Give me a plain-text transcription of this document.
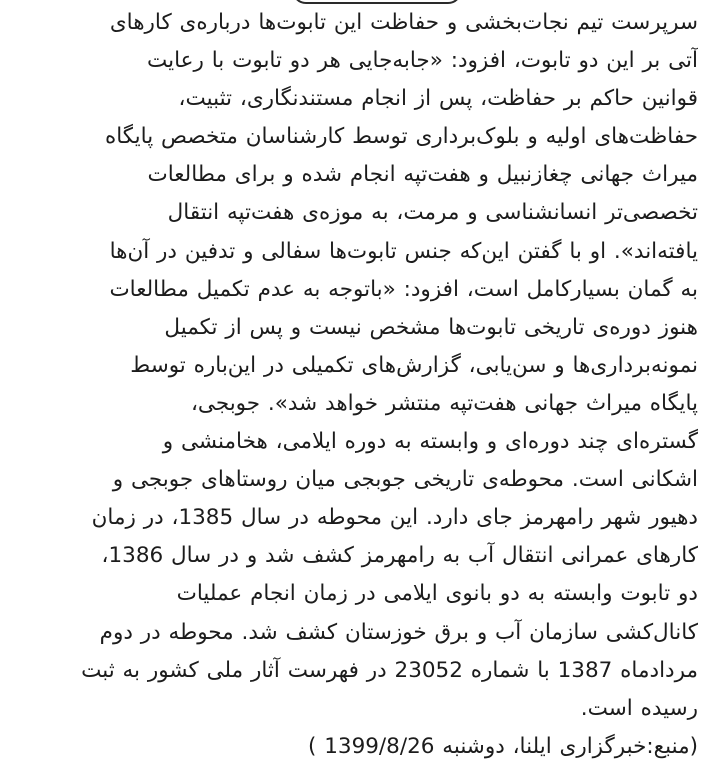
سرپرست تیم نجات‌بخشی و حفاظت این تابوت‌ها درباره‌ی کارهای
آتی بر این دو تابوت، افزود: «جابه‌جایی هر دو تابوت با رعایت
قوانین حاکم بر حفاظت، پس از انجام مستندنگاری، تثبیت،
حفاظت‌های اولیه و بلوک‌برداری توسط کارشناسان متخصص پایگاه
میراث جهانی چغازنبیل و هفت‌تپه انجام شده و برای مطالعات
تخصصی‌تر انسانشناسی و مرمت، به موزه‌ی هفت‌تپه انتقال
یافته‌اند». او با گفتن این‌که جنس تابوت‌ها سفالی و تدفین در آن‌ها
به گمان بسیارکامل است، افزود: «باتوجه به عدم تکمیل مطالعات
هنوز دوره‌ی تاریخی تابوت‌ها مشخص نیست و پس از تکمیل
نمونه‌برداری‌ها و سن‌یابی، گزارش‌های تکمیلی در این‌باره توسط
پایگاه میراث جهانی هفت‌تپه منتشر خواهد شد». جوبجی،
گستره‌ای چند دوره‌ای و وابسته به دوره ایلامی، هخامنشی و
اشکانی است. محوطه‌ی تاریخی جوبجی میان روستاهای جوبجی و
دهیور شهر رامهرمز جای دارد. این محوطه در سال 1385، در زمان
کارهای عمرانی انتقال آب به رامهرمز کشف شد و در سال 1386،
دو تابوت وابسته به دو بانوی ایلامی در زمان انجام عملیات
کانال‌کشی سازمان آب و برق خوزستان کشف شد. محوطه در دوم
مردادماه 1387 با شماره 23052 در فهرست آثار ملی کشور به ثبت
رسیده است.
(منبع:خبرگزاری ایلنا، دوشنبه 1399/8/26 )
